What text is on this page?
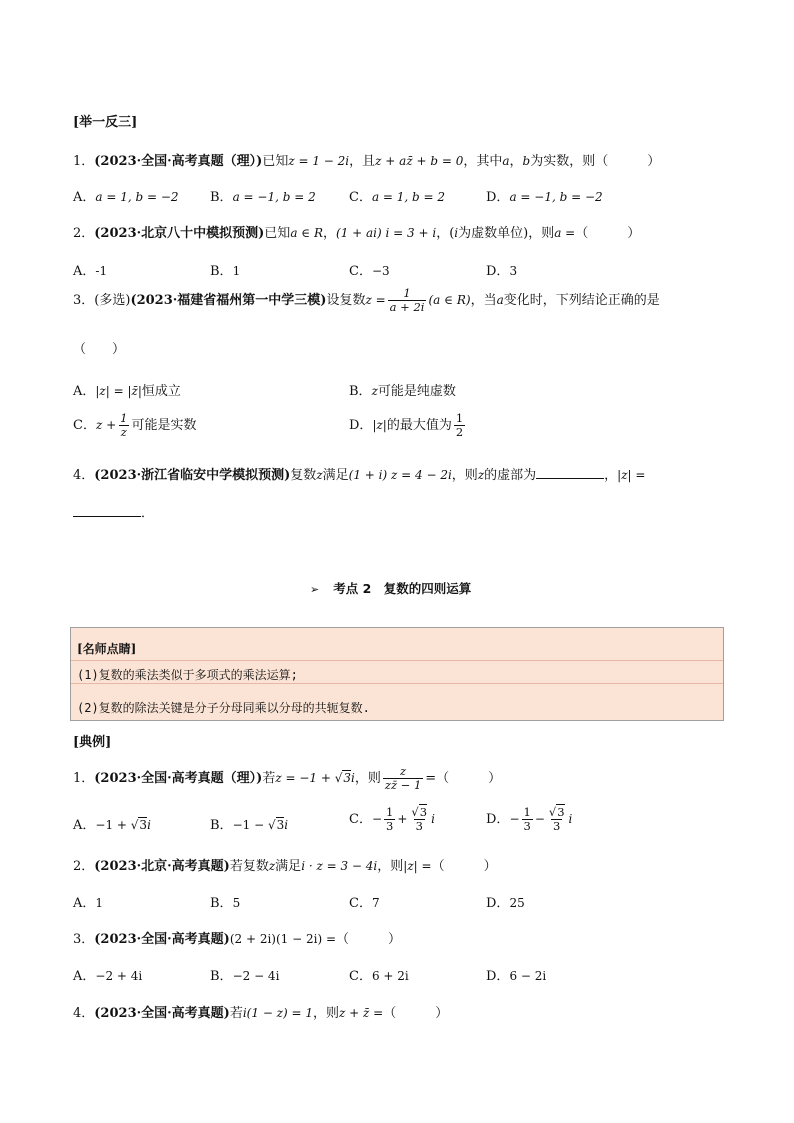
[举一反三]
1．(2023·全国·高考真题（理）)已知z = 1 − 2i，且z + az̄ + b = 0，其中a，b为实数，则（　　　）
A．a = 1, b = −2 B．a = −1, b = 2	C．a = 1, b = 2	D．a = −1, b = −2
2．(2023·北京八十中模拟预测)已知a ∈ R，(1 + ai) i = 3 + i，(i为虚数单位)，则a =（　　　）
A．-1	B．1	C．−3	D．3
3．(多选)(2023·福建省福州第一中学三模)设复数$z = \frac{1}{a + 2i} (a$ ∈ R)，当a变化时，下列结论正确的是
（　　）
A．|z| = |z̄|恒成立	B．z可能是纯虚数
C．$z + \frac{1}{z}$ 可能是实数	D．|z|的最大值为 $\frac{1}{2}$
4．(2023·浙江省临安中学模拟预测)复数z满足(1 + i) z = 4 − 2i，则z的虚部为	，|z| =
．
➢ 考点 2　复数的四则运算
[名师点睛]
(1)复数的乘法类似于多项式的乘法运算;
(2)复数的除法关键是分子分母同乘以分母的共轭复数.
[典例]
1．(2023·全国·高考真题（理）)若z = −1 + √3i，则 $\frac{z}{zz̄ - 1}$ =（　　　）
A．−1 + √3i	B．−1 − √3i	C．− $\frac{1}{3} + \frac{√3}{3}$ i	D．− $\frac{1}{3} - \frac{√3}{3}$ i
2．(2023·北京·高考真题)若复数z满足i · z = 3 − 4i，则|z| =（　　　）
A．1	B．5	C．7	D．25
3．(2023·全国·高考真题)(2 + 2i)(1 − 2i) =（　　　）
A．−2 + 4i	B．−2 − 4i	C．6 + 2i	D．6 − 2i
4．(2023·全国·高考真题)若i(1 − z) = 1，则z + z̄ =（　　　）
